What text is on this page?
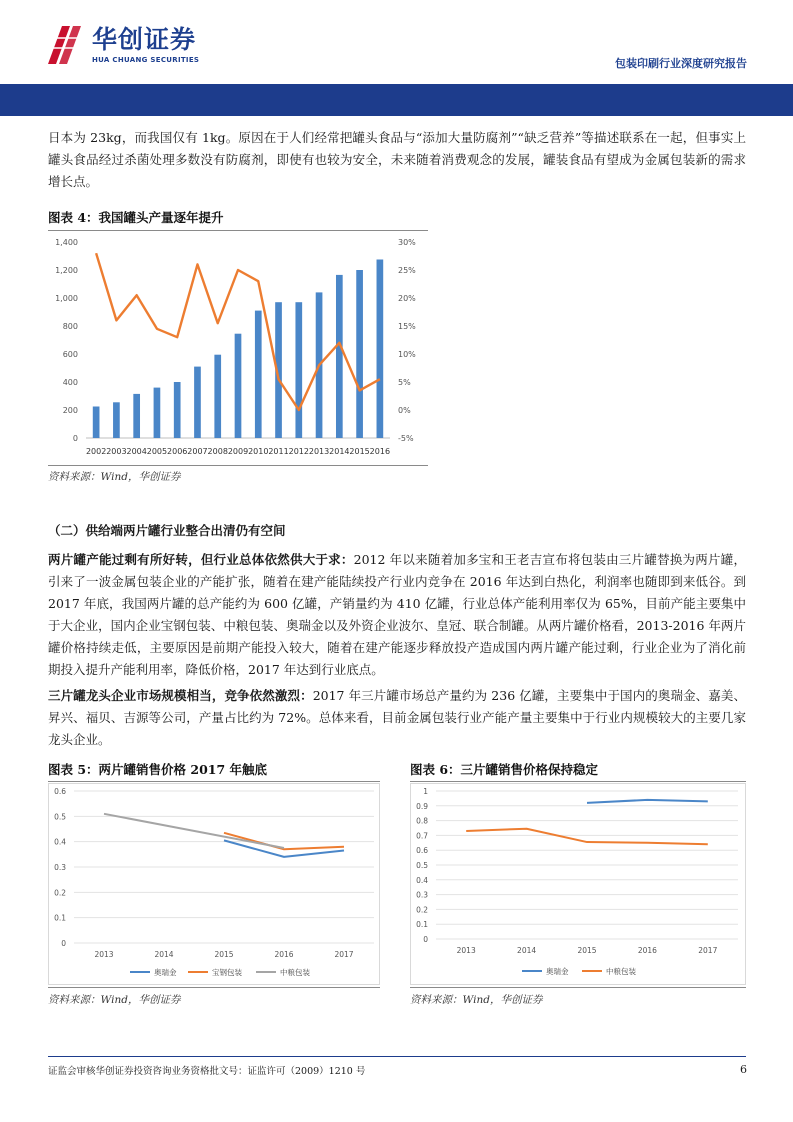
华创证券
HUA CHUANG SECURITIES	包装印刷行业深度研究报告

日本为 23kg，而我国仅有 1kg。原因在于人们经常把罐头食品与“添加大量防腐剂”“缺乏营养”等描述联系在一起，但事实上罐头食品经过杀菌处理多数没有防腐剂，即使有也较为安全，未来随着消费观念的发展，罐装食品有望成为金属包装新的需求增长点。

图表 4：我国罐头产量逐年提升
0
200
400
600
800
1,000
1,200
1,400
-5%
0%
5%
10%
15%
20%
25%
30%
2002 2003 2004 2005 2006 2007 2008 2009 2010 2011 2012 2013 2014 2015 2016
资料来源：Wind，华创证券
（二）供给端两片罐行业整合出清仍有空间

两片罐产能过剩有所好转，但行业总体依然供大于求：2012 年以来随着加多宝和王老吉宣布将包装由三片罐替换为两片罐，引来了一波金属包装企业的产能扩张，随着在建产能陆续投产行业内竞争在 2016 年达到白热化，利润率也随即到来低谷。到 2017 年底，我国两片罐的总产能约为 600 亿罐，产销量约为 410 亿罐，行业总体产能利用率仅为 65%，目前产能主要集中于大企业，国内企业宝钢包装、中粮包装、奥瑞金以及外资企业波尔、皇冠、联合制罐。从两片罐价格看，2013-2016 年两片罐价格持续走低，主要原因是前期产能投入较大，随着在建产能逐步释放投产造成国内两片罐产能过剩，行业企业为了消化前期投入提升产能利用率，降低价格，2017 年达到行业底点。

三片罐龙头企业市场规模相当，竞争依然激烈：2017 年三片罐市场总产量约为 236 亿罐，主要集中于国内的奥瑞金、嘉美、昇兴、福贝、吉源等公司，产量占比约为 72%。总体来看，目前金属包装行业产能产量主要集中于行业内规模较大的主要几家龙头企业。

图表 5：两片罐销售价格 2017 年触底
0
0.1
0.2
0.3
0.4
0.5
0.6
2013	2014	2015	2016	2017
奥瑞金	宝钢包装	中粮包装
资料来源：Wind，华创证券
图表 6：三片罐销售价格保持稳定
0
0.1
0.2
0.3
0.4
0.5
0.6
0.7
0.8
0.9
1
2013	2014	2015	2016	2017
奥瑞金	中粮包装
资料来源：Wind，华创证券
证监会审核华创证券投资咨询业务资格批文号：证监许可（2009）1210 号	6
